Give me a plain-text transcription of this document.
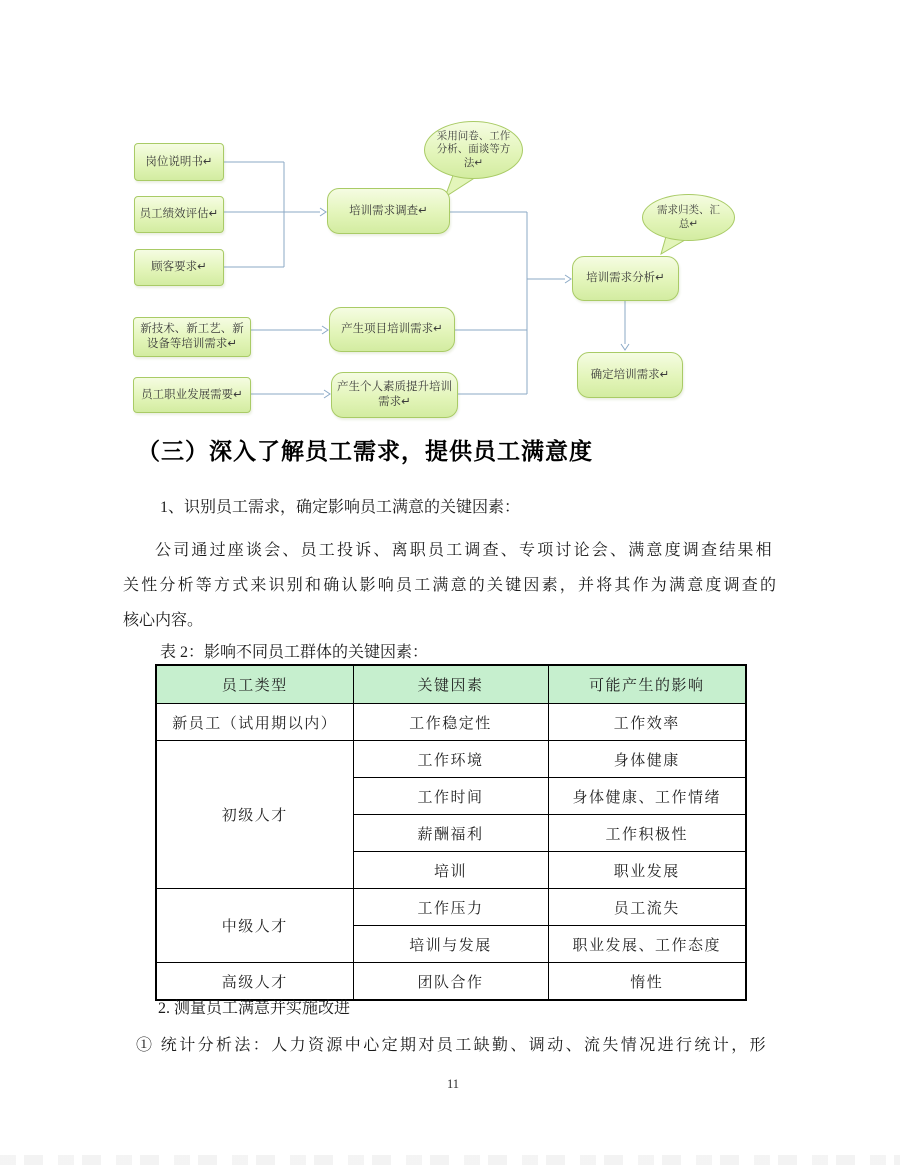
岗位说明书↵
员工绩效评估↵
顾客要求↵
新技术、新工艺、新设备等培训需求↵
员工职业发展需要↵
培训需求调查↵
产生项目培训需求↵
产生个人素质提升培训需求↵
培训需求分析↵
确定培训需求↵
采用问卷、工作分析、面谈等方法↵
需求归类、汇总↵
（三）深入了解员工需求，提供员工满意度
1、识别员工需求，确定影响员工满意的关键因素：
公司通过座谈会、员工投诉、离职员工调查、专项讨论会、满意度调查结果相
关性分析等方式来识别和确认影响员工满意的关键因素，并将其作为满意度调查的
核心内容。
表 2：影响不同员工群体的关键因素：
员工类型	关键因素	可能产生的影响
新员工（试用期以内）	工作稳定性	工作效率
初级人才	工作环境	身体健康
	工作时间	身体健康、工作情绪
	薪酬福利	工作积极性
	培训	职业发展
中级人才	工作压力	员工流失
	培训与发展	职业发展、工作态度
高级人才	团队合作	惰性
2. 测量员工满意并实施改进
① 统计分析法：人力资源中心定期对员工缺勤、调动、流失情况进行统计，形
11
